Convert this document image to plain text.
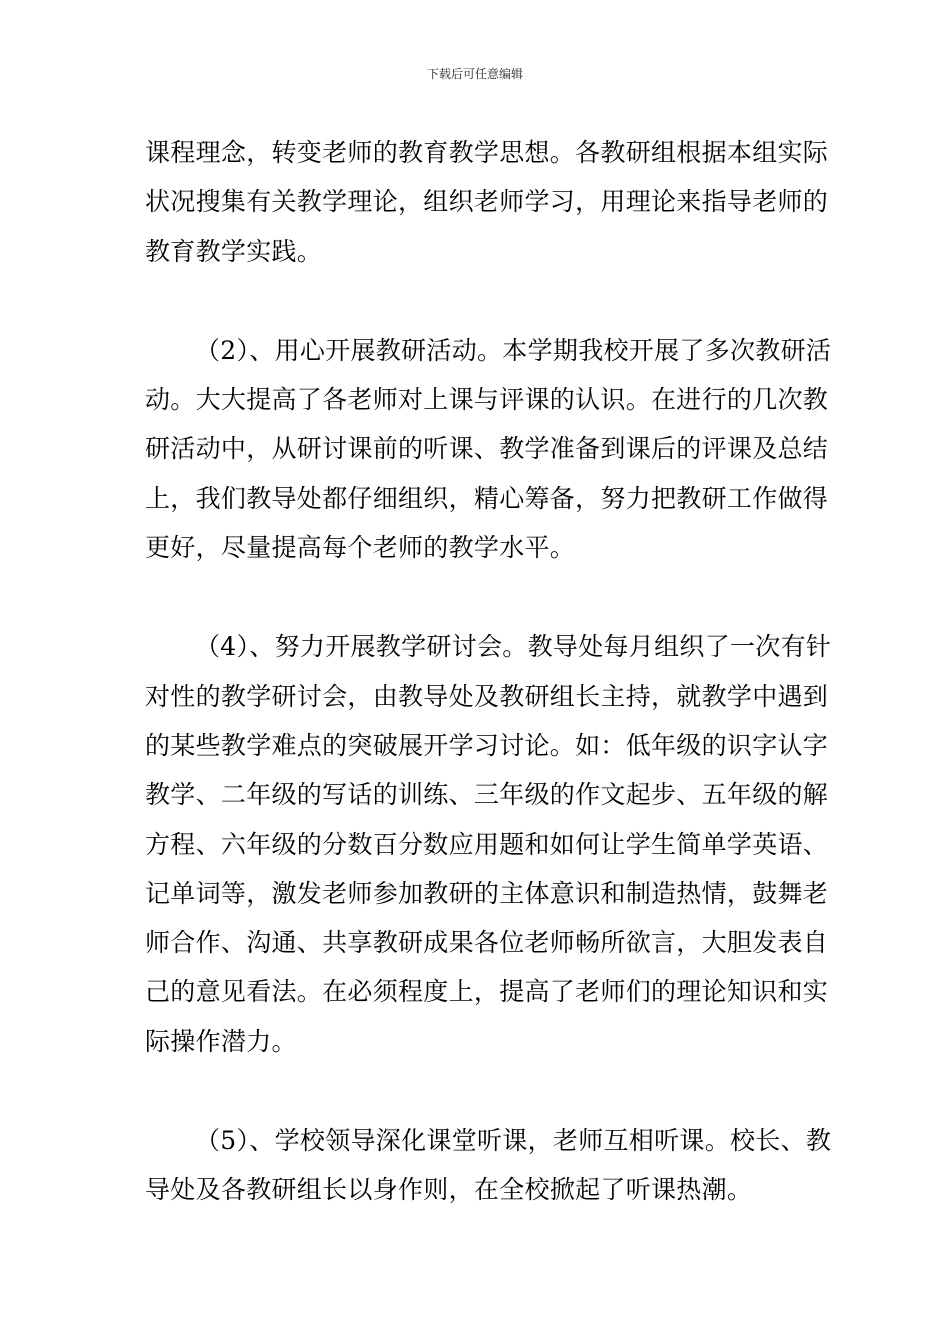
下载后可任意编辑

课程理念，转变老师的教育教学思想。各教研组根据本组实际状况搜集有关教学理论，组织老师学习，用理论来指导老师的教育教学实践。

（2）、用心开展教研活动。本学期我校开展了多次教研活动。大大提高了各老师对上课与评课的认识。在进行的几次教研活动中，从研讨课前的听课、教学准备到课后的评课及总结上，我们教导处都仔细组织，精心筹备，努力把教研工作做得更好，尽量提高每个老师的教学水平。

（4）、努力开展教学研讨会。教导处每月组织了一次有针对性的教学研讨会，由教导处及教研组长主持，就教学中遇到的某些教学难点的突破展开学习讨论。如：低年级的识字认字教学、二年级的写话的训练、三年级的作文起步、五年级的解方程、六年级的分数百分数应用题和如何让学生简单学英语、记单词等，激发老师参加教研的主体意识和制造热情，鼓舞老师合作、沟通、共享教研成果各位老师畅所欲言，大胆发表自己的意见看法。在必须程度上，提高了老师们的理论知识和实际操作潜力。

（5）、学校领导深化课堂听课，老师互相听课。校长、教导处及各教研组长以身作则，在全校掀起了听课热潮。
